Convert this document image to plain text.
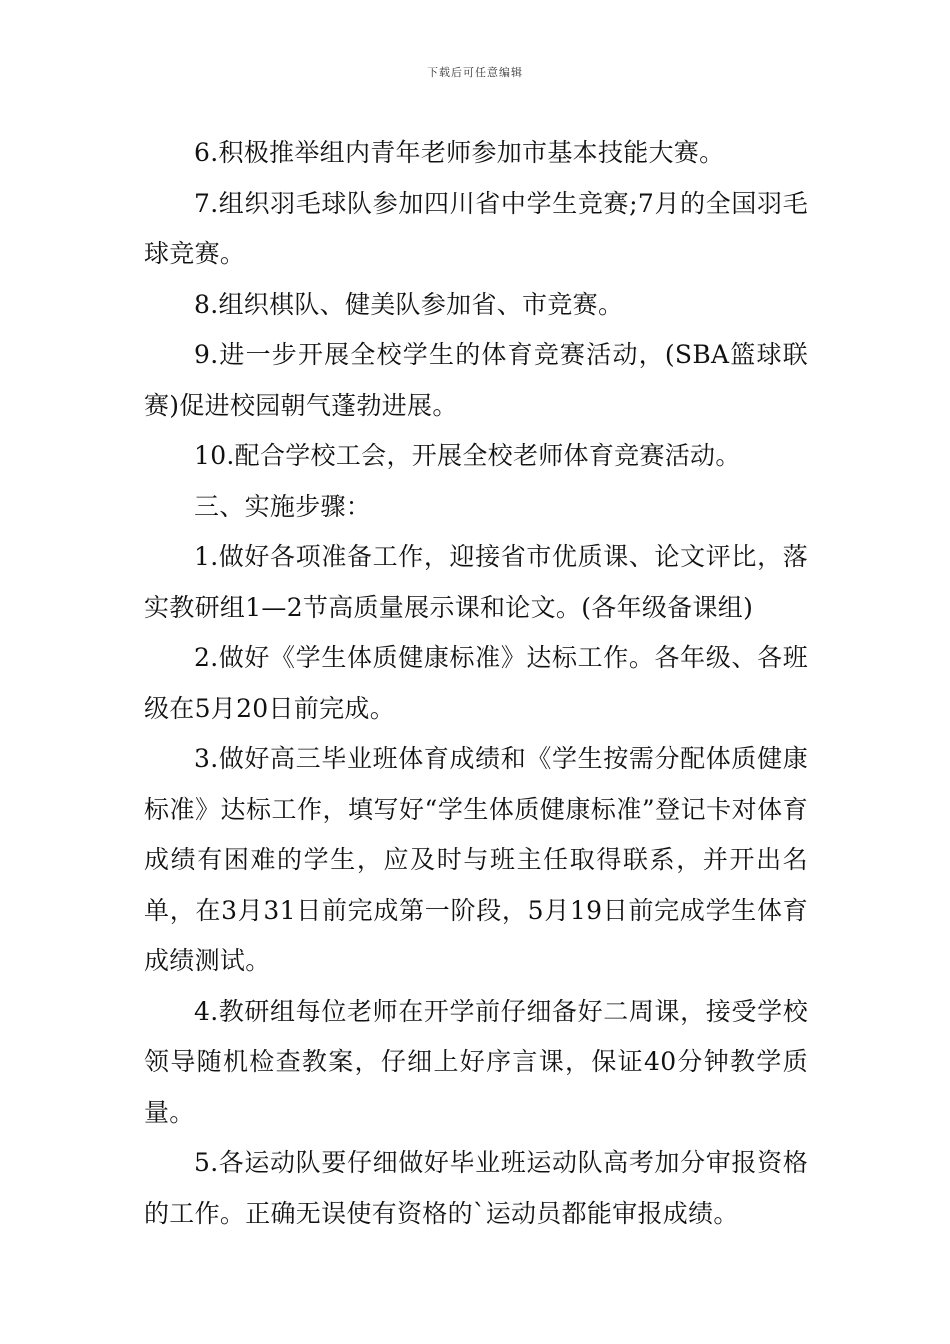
下载后可任意编辑

6.积极推举组内青年老师参加市基本技能大赛。

7.组织羽毛球队参加四川省中学生竞赛;7月的全国羽毛球竞赛。

8.组织棋队、健美队参加省、市竞赛。

9.进一步开展全校学生的体育竞赛活动，(SBA篮球联赛)促进校园朝气蓬勃进展。

10.配合学校工会，开展全校老师体育竞赛活动。

三、实施步骤：

1.做好各项准备工作，迎接省市优质课、论文评比，落实教研组1—2节高质量展示课和论文。(各年级备课组)

2.做好《学生体质健康标准》达标工作。各年级、各班级在5月20日前完成。

3.做好高三毕业班体育成绩和《学生按需分配体质健康标准》达标工作，填写好“学生体质健康标准”登记卡对体育成绩有困难的学生，应及时与班主任取得联系，并开出名单，在3月31日前完成第一阶段，5月19日前完成学生体育成绩测试。

4.教研组每位老师在开学前仔细备好二周课，接受学校领导随机检查教案，仔细上好序言课，保证40分钟教学质量。

5.各运动队要仔细做好毕业班运动队高考加分审报资格的工作。正确无误使有资格的`运动员都能审报成绩。
